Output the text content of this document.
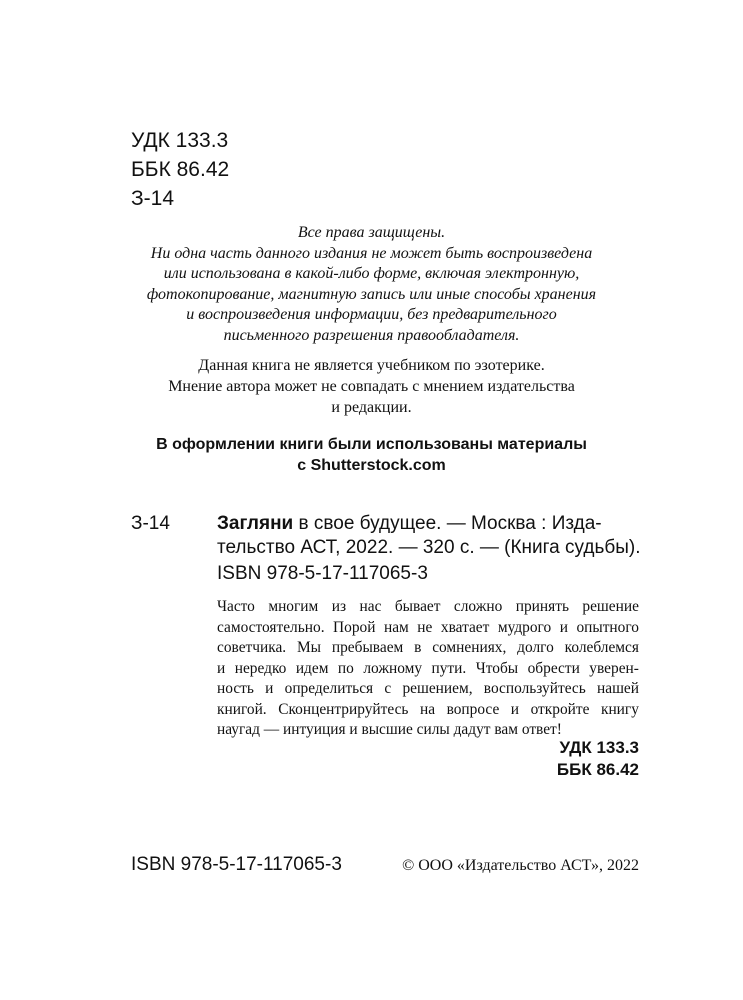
УДК 133.3
ББК 86.42
З-14
Все права защищены.
Ни одна часть данного издания не может быть воспроизведена
или использована в какой-либо форме, включая электронную,
фотокопирование, магнитную запись или иные способы хранения
и воспроизведения информации, без предварительного
письменного разрешения правообладателя.
Данная книга не является учебником по эзотерике.
Мнение автора может не совпадать с мнением издательства
и редакции.
В оформлении книги были использованы материалы
с Shutterstock.com
З-14 Загляни в свое будущее. — Москва : Изда-
тельство АСТ, 2022. — 320 с. — (Книга судьбы).
ISBN 978-5-17-117065-3
Часто многим из нас бывает сложно принять решение
самостоятельно. Порой нам не хватает мудрого и опытного
советчика. Мы пребываем в сомнениях, долго колеблемся
и нередко идем по ложному пути. Чтобы обрести уверен-
ность и определиться с решением, воспользуйтесь нашей
книгой. Сконцентрируйтесь на вопросе и откройте книгу
наугад — интуиция и высшие силы дадут вам ответ!
УДК 133.3
ББК 86.42
ISBN 978-5-17-117065-3	© ООО «Издательство АСТ», 2022
